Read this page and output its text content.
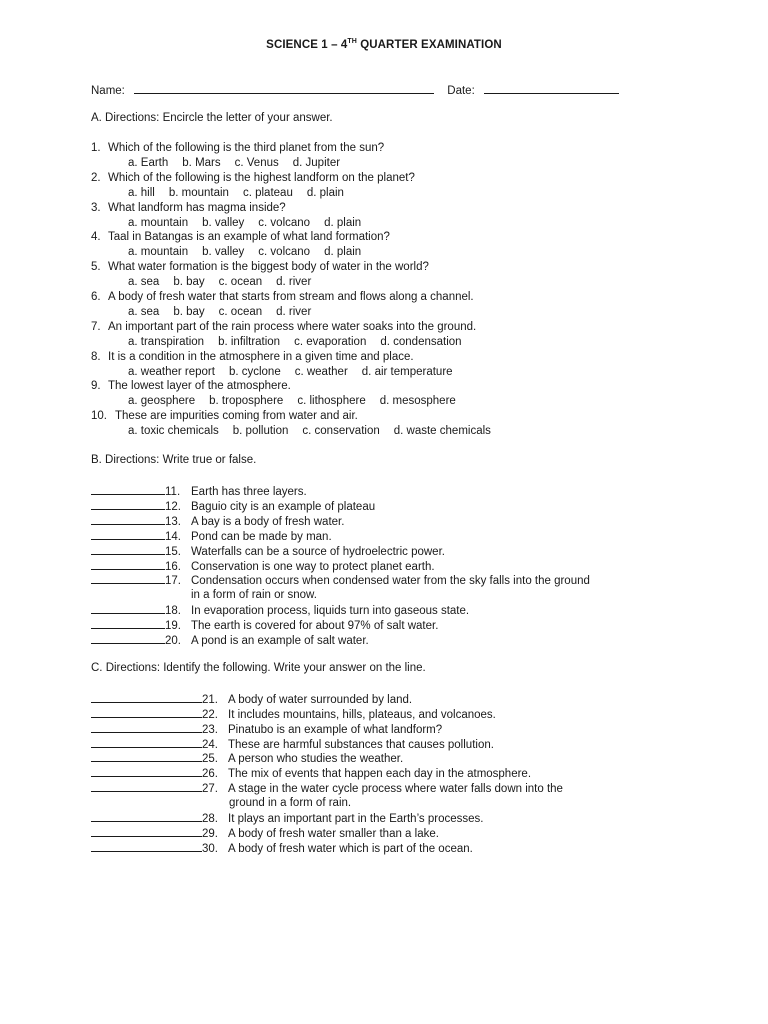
SCIENCE 1 – 4TH QUARTER EXAMINATION
Name:	Date:
A. Directions: Encircle the letter of your answer.
1. Which of the following is the third planet from the sun?
a. Earth b. Mars c. Venus d. Jupiter
2. Which of the following is the highest landform on the planet?
a. hill b. mountain c. plateau d. plain
3. What landform has magma inside?
a. mountain b. valley c. volcano d. plain
4. Taal in Batangas is an example of what land formation?
a. mountain b. valley c. volcano d. plain
5. What water formation is the biggest body of water in the world?
a. sea b. bay c. ocean d. river
6. A body of fresh water that starts from stream and flows along a channel.
a. sea b. bay c. ocean d. river
7. An important part of the rain process where water soaks into the ground.
a. transpiration b. infiltration c. evaporation d. condensation
8. It is a condition in the atmosphere in a given time and place.
a. weather report b. cyclone c. weather d. air temperature
9. The lowest layer of the atmosphere.
a. geosphere b. troposphere c. lithosphere d. mesosphere
10. These are impurities coming from water and air.
a. toxic chemicals b. pollution c. conservation d. waste chemicals
B. Directions: Write true or false.
11. Earth has three layers.
12. Baguio city is an example of plateau
13. A bay is a body of fresh water.
14. Pond can be made by man.
15. Waterfalls can be a source of hydroelectric power.
16. Conservation is one way to protect planet earth.
17. Condensation occurs when condensed water from the sky falls into the ground
in a form of rain or snow.
18. In evaporation process, liquids turn into gaseous state.
19. The earth is covered for about 97% of salt water.
20. A pond is an example of salt water.
C. Directions: Identify the following. Write your answer on the line.
21. A body of water surrounded by land.
22. It includes mountains, hills, plateaus, and volcanoes.
23. Pinatubo is an example of what landform?
24. These are harmful substances that causes pollution.
25. A person who studies the weather.
26. The mix of events that happen each day in the atmosphere.
27. A stage in the water cycle process where water falls down into the
ground in a form of rain.
28. It plays an important part in the Earth’s processes.
29. A body of fresh water smaller than a lake.
30. A body of fresh water which is part of the ocean.
